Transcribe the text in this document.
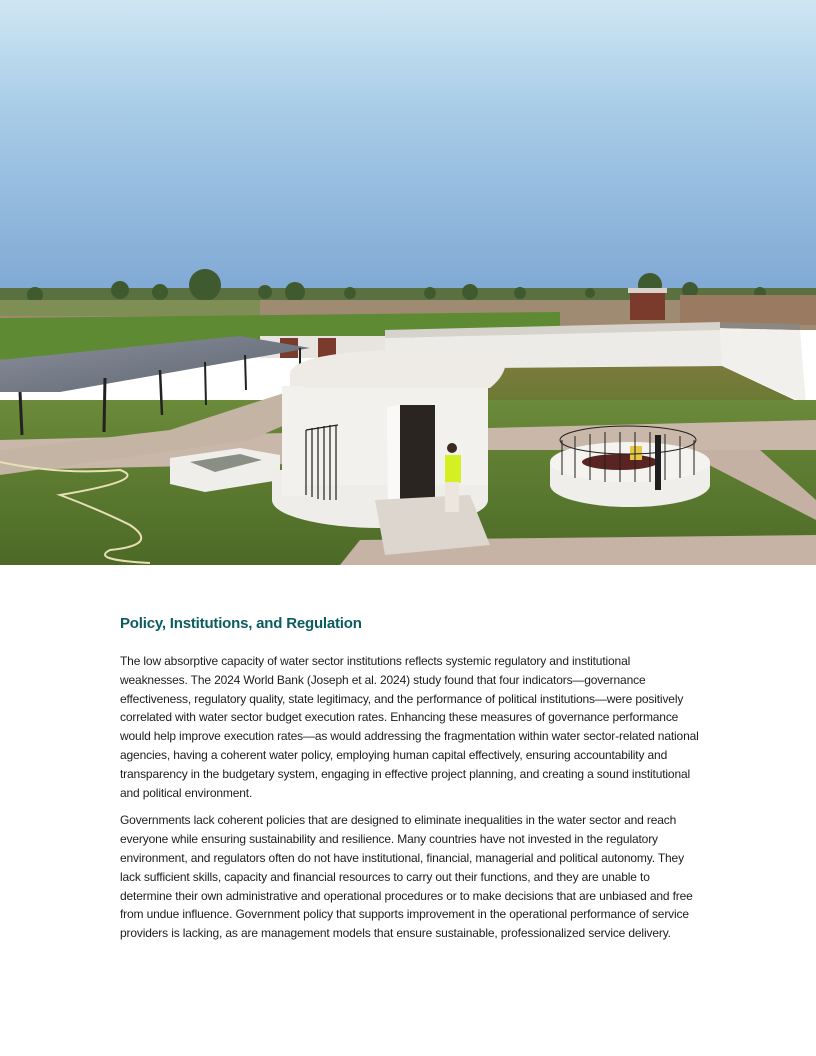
Policy, Institutions, and Regulation

The low absorptive capacity of water sector institutions reflects systemic regulatory and institutional weaknesses. The 2024 World Bank (Joseph et al. 2024) study found that four indicators—governance effectiveness, regulatory quality, state legitimacy, and the performance of political institutions—were positively correlated with water sector budget execution rates. Enhancing these measures of governance performance would help improve execution rates—as would addressing the fragmentation within water sector-related national agencies, having a coherent water policy, employing human capital effectively, ensuring accountability and transparency in the budgetary system, engaging in effective project planning, and creating a sound institutional and political environment.

Governments lack coherent policies that are designed to eliminate inequalities in the water sector and reach everyone while ensuring sustainability and resilience. Many countries have not invested in the regulatory environment, and regulators often do not have institutional, financial, managerial and political autonomy. They lack sufficient skills, capacity and financial resources to carry out their functions, and they are unable to determine their own administrative and operational procedures or to make decisions that are unbiased and free from undue influence. Government policy that supports improvement in the operational performance of service providers is lacking, as are management models that ensure sustainable, professionalized service delivery.
